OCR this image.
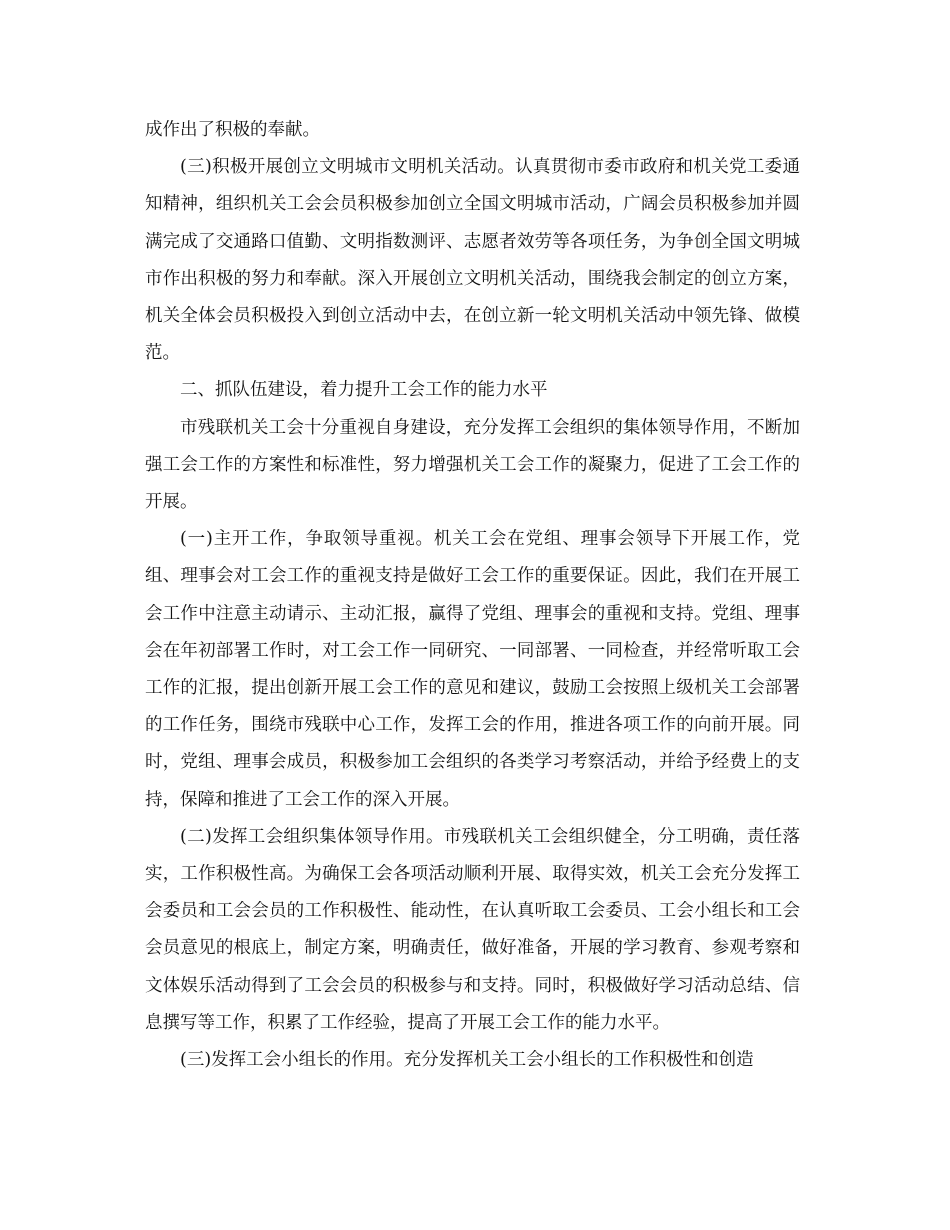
成作出了积极的奉献。

(三)积极开展创立文明城市文明机关活动。认真贯彻市委市政府和机关党工委通知精神，组织机关工会会员积极参加创立全国文明城市活动，广阔会员积极参加并圆满完成了交通路口值勤、文明指数测评、志愿者效劳等各项任务，为争创全国文明城市作出积极的努力和奉献。深入开展创立文明机关活动，围绕我会制定的创立方案，机关全体会员积极投入到创立活动中去，在创立新一轮文明机关活动中领先锋、做模范。

二、抓队伍建设，着力提升工会工作的能力水平

市残联机关工会十分重视自身建设，充分发挥工会组织的集体领导作用，不断加强工会工作的方案性和标准性，努力增强机关工会工作的凝聚力，促进了工会工作的开展。

(一)主开工作，争取领导重视。机关工会在党组、理事会领导下开展工作，党组、理事会对工会工作的重视支持是做好工会工作的重要保证。因此，我们在开展工会工作中注意主动请示、主动汇报，赢得了党组、理事会的重视和支持。党组、理事会在年初部署工作时，对工会工作一同研究、一同部署、一同检查，并经常听取工会工作的汇报，提出创新开展工会工作的意见和建议，鼓励工会按照上级机关工会部署的工作任务，围绕市残联中心工作，发挥工会的作用，推进各项工作的向前开展。同时，党组、理事会成员，积极参加工会组织的各类学习考察活动，并给予经费上的支持，保障和推进了工会工作的深入开展。

(二)发挥工会组织集体领导作用。市残联机关工会组织健全，分工明确，责任落实，工作积极性高。为确保工会各项活动顺利开展、取得实效，机关工会充分发挥工会委员和工会会员的工作积极性、能动性，在认真听取工会委员、工会小组长和工会会员意见的根底上，制定方案，明确责任，做好准备，开展的学习教育、参观考察和文体娱乐活动得到了工会会员的积极参与和支持。同时，积极做好学习活动总结、信息撰写等工作，积累了工作经验，提高了开展工会工作的能力水平。

(三)发挥工会小组长的作用。充分发挥机关工会小组长的工作积极性和创造
